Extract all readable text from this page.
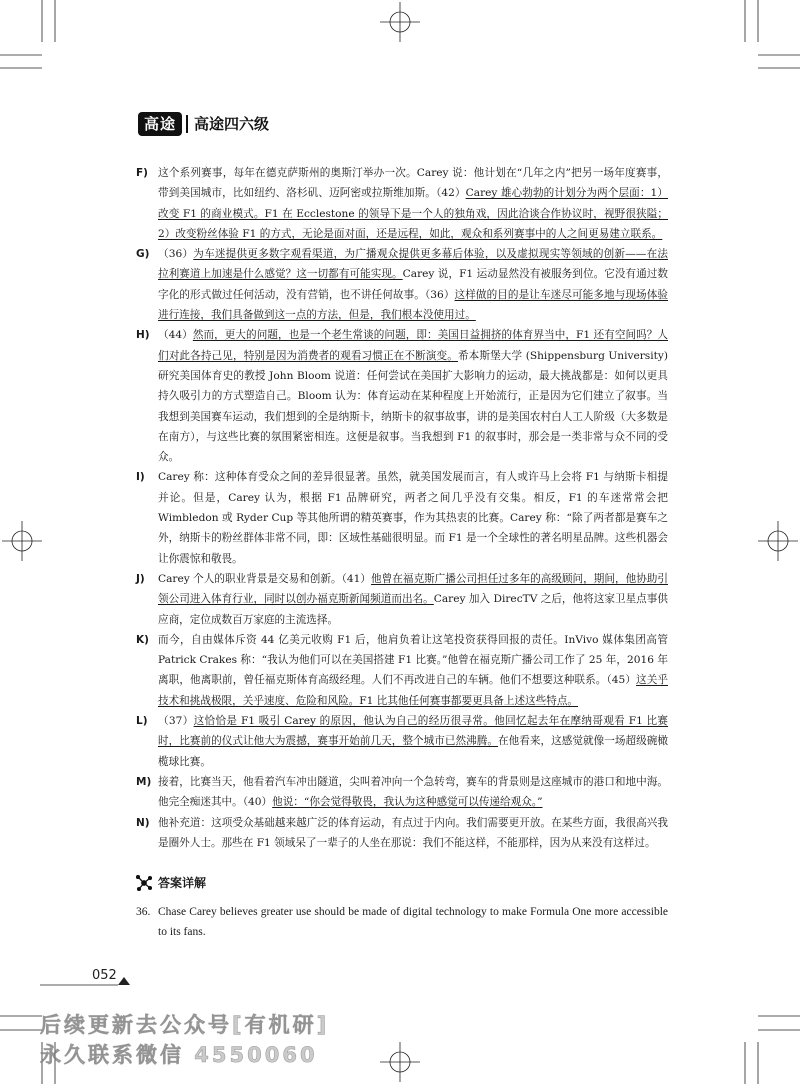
高途	高途四六级
F) 这个系列赛事，每年在德克萨斯州的奥斯汀举办一次。Carey 说：他计划在“几年之内”把另一场年度赛事，带到美国城市，比如纽约、洛杉矶、迈阿密或拉斯维加斯。（42）Carey 雄心勃勃的计划分为两个层面：1）改变 F1 的商业模式。F1 在 Ecclestone 的领导下是一个人的独角戏，因此洽谈合作协议时，视野很狭隘；2）改变粉丝体验 F1 的方式，无论是面对面，还是远程，如此，观众和系列赛事中的人之间更易建立联系。
G) （36）为车迷提供更多数字观看渠道，为广播观众提供更多幕后体验，以及虚拟现实等领域的创新——在法拉利赛道上加速是什么感觉？这一切都有可能实现。Carey 说，F1 运动显然没有被服务到位。它没有通过数字化的形式做过任何活动，没有营销，也不讲任何故事。（36）这样做的目的是让车迷尽可能多地与现场体验进行连接，我们具备做到这一点的方法，但是，我们根本没使用过。
H) （44）然而，更大的问题，也是一个老生常谈的问题，即：美国日益拥挤的体育界当中，F1 还有空间吗？人们对此各持己见，特别是因为消费者的观看习惯正在不断演变。希本斯堡大学 (Shippensburg University) 研究美国体育史的教授 John Bloom 说道：任何尝试在美国扩大影响力的运动，最大挑战都是：如何以更具持久吸引力的方式塑造自己。Bloom 认为：体育运动在某种程度上开始流行，正是因为它们建立了叙事。当我想到美国赛车运动，我们想到的全是纳斯卡，纳斯卡的叙事故事，讲的是美国农村白人工人阶级（大多数是在南方），与这些比赛的氛围紧密相连。这便是叙事。当我想到 F1 的叙事时，那会是一类非常与众不同的受众。
I)	Carey 称：这种体育受众之间的差异很显著。虽然，就美国发展而言，有人或许马上会将 F1 与纳斯卡相提并论。但是，Carey 认为，根据 F1 品牌研究，两者之间几乎没有交集。相反，F1 的车迷常常会把 Wimbledon 或 Ryder Cup 等其他所谓的精英赛事，作为其热衷的比赛。Carey 称：“除了两者都是赛车之外，纳斯卡的粉丝群体非常不同，即：区域性基础很明显。而 F1 是一个全球性的著名明星品牌。这些机器会让你震惊和敬畏。
J)	Carey 个人的职业背景是交易和创新。（41）他曾在福克斯广播公司担任过多年的高级顾问，期间，他协助引领公司进入体育行业，同时以创办福克斯新闻频道而出名。Carey 加入 DirecTV 之后，他将这家卫星点事供应商，定位成数百万家庭的主流选择。
K) 而今，自由媒体斥资 44 亿美元收购 F1 后，他肩负着让这笔投资获得回报的责任。InVivo 媒体集团高管 Patrick Crakes 称：“我认为他们可以在美国搭建 F1 比赛。”他曾在福克斯广播公司工作了 25 年，2016 年离职，他离职前，曾任福克斯体育高级经理。人们不再改进自己的车辆。他们不想要这种联系。（45）这关乎技术和挑战极限，关乎速度、危险和风险。F1 比其他任何赛事都要更具备上述这些特点。
L) （37）这恰恰是 F1 吸引 Carey 的原因，他认为自己的经历很寻常。他回忆起去年在摩纳哥观看 F1 比赛时，比赛前的仪式让他大为震撼，赛事开始前几天，整个城市已然沸腾。在他看来，这感觉就像一场超级碗橄榄球比赛。
M) 接着，比赛当天，他看着汽车冲出隧道，尖叫着冲向一个急转弯，赛车的背景则是这座城市的港口和地中海。他完全痴迷其中。（40）他说：“你会觉得敬畏，我认为这种感觉可以传递给观众。”
N) 他补充道：这项受众基础越来越广泛的体育运动，有点过于内向。我们需要更开放。在某些方面，我很高兴我是圈外人士。那些在 F1 领域呆了一辈子的人坐在那说：我们不能这样，不能那样，因为从来没有这样过。
答案详解
36. Chase Carey believes greater use should be made of digital technology to make Formula One more accessible to its fans.
052
后续更新去公众号[有机研]
永久联系微信 4550060
